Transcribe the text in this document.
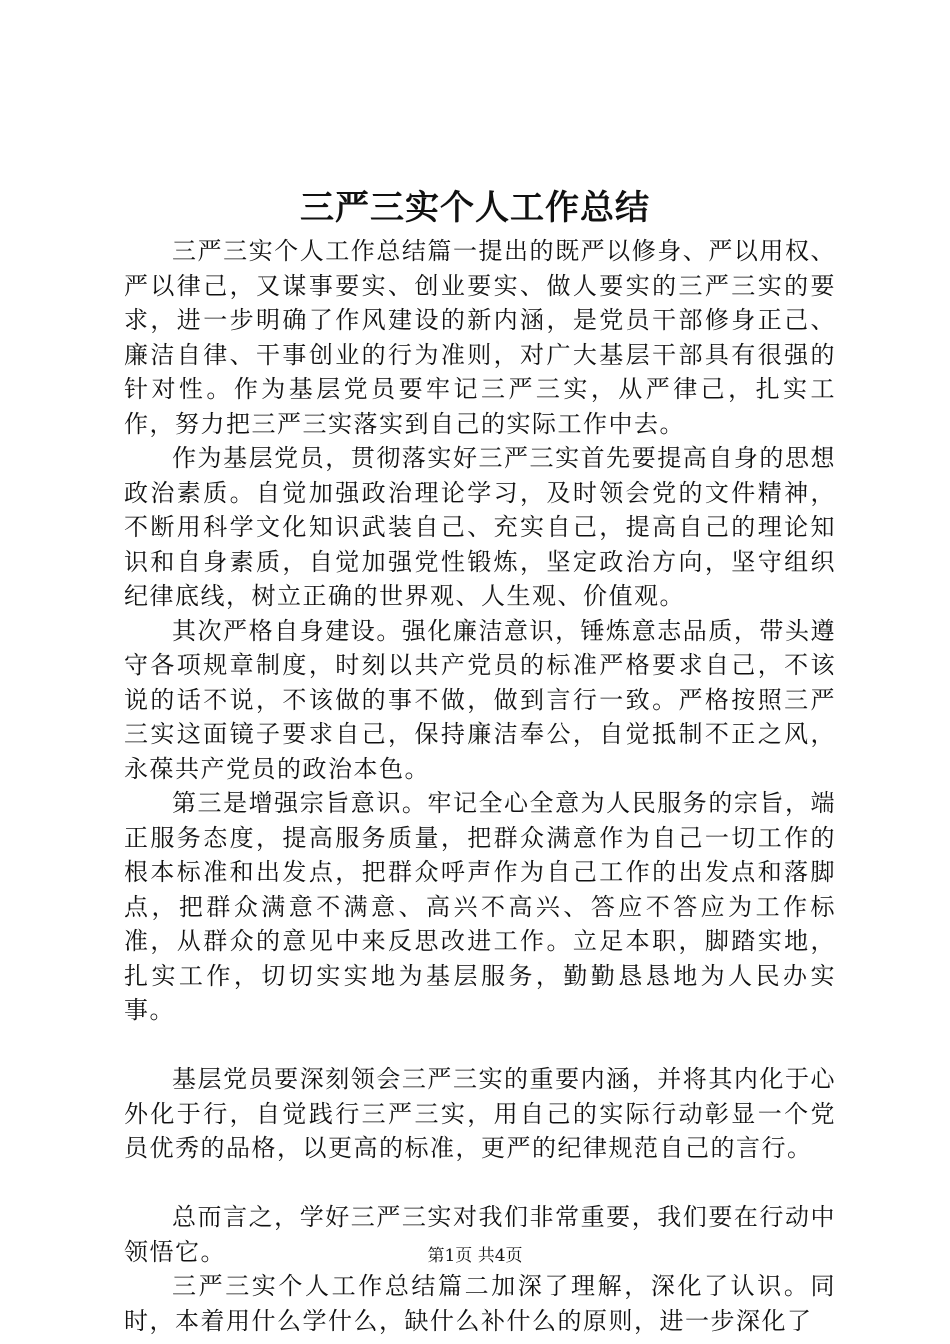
三严三实个人工作总结

三严三实个人工作总结篇一提出的既严以修身、严以用权、严以律己，又谋事要实、创业要实、做人要实的三严三实的要求，进一步明确了作风建设的新内涵，是党员干部修身正己、廉洁自律、干事创业的行为准则，对广大基层干部具有很强的针对性。作为基层党员要牢记三严三实，从严律己，扎实工作，努力把三严三实落实到自己的实际工作中去。

作为基层党员，贯彻落实好三严三实首先要提高自身的思想政治素质。自觉加强政治理论学习，及时领会党的文件精神，不断用科学文化知识武装自己、充实自己，提高自己的理论知识和自身素质，自觉加强党性锻炼，坚定政治方向，坚守组织纪律底线，树立正确的世界观、人生观、价值观。

其次严格自身建设。强化廉洁意识，锤炼意志品质，带头遵守各项规章制度，时刻以共产党员的标准严格要求自己，不该说的话不说，不该做的事不做，做到言行一致。严格按照三严三实这面镜子要求自己，保持廉洁奉公，自觉抵制不正之风，永葆共产党员的政治本色。

第三是增强宗旨意识。牢记全心全意为人民服务的宗旨，端正服务态度，提高服务质量，把群众满意作为自己一切工作的根本标准和出发点，把群众呼声作为自己工作的出发点和落脚点，把群众满意不满意、高兴不高兴、答应不答应为工作标准，从群众的意见中来反思改进工作。立足本职，脚踏实地，扎实工作，切切实实地为基层服务，勤勤恳恳地为人民办实事。

基层党员要深刻领会三严三实的重要内涵，并将其内化于心外化于行，自觉践行三严三实，用自己的实际行动彰显一个党员优秀的品格，以更高的标准，更严的纪律规范自己的言行。

总而言之，学好三严三实对我们非常重要，我们要在行动中领悟它。

三严三实个人工作总结篇二加深了理解，深化了认识。同时，本着用什么学什么，缺什么补什么的原则，进一步深化了

第1页 共4页
